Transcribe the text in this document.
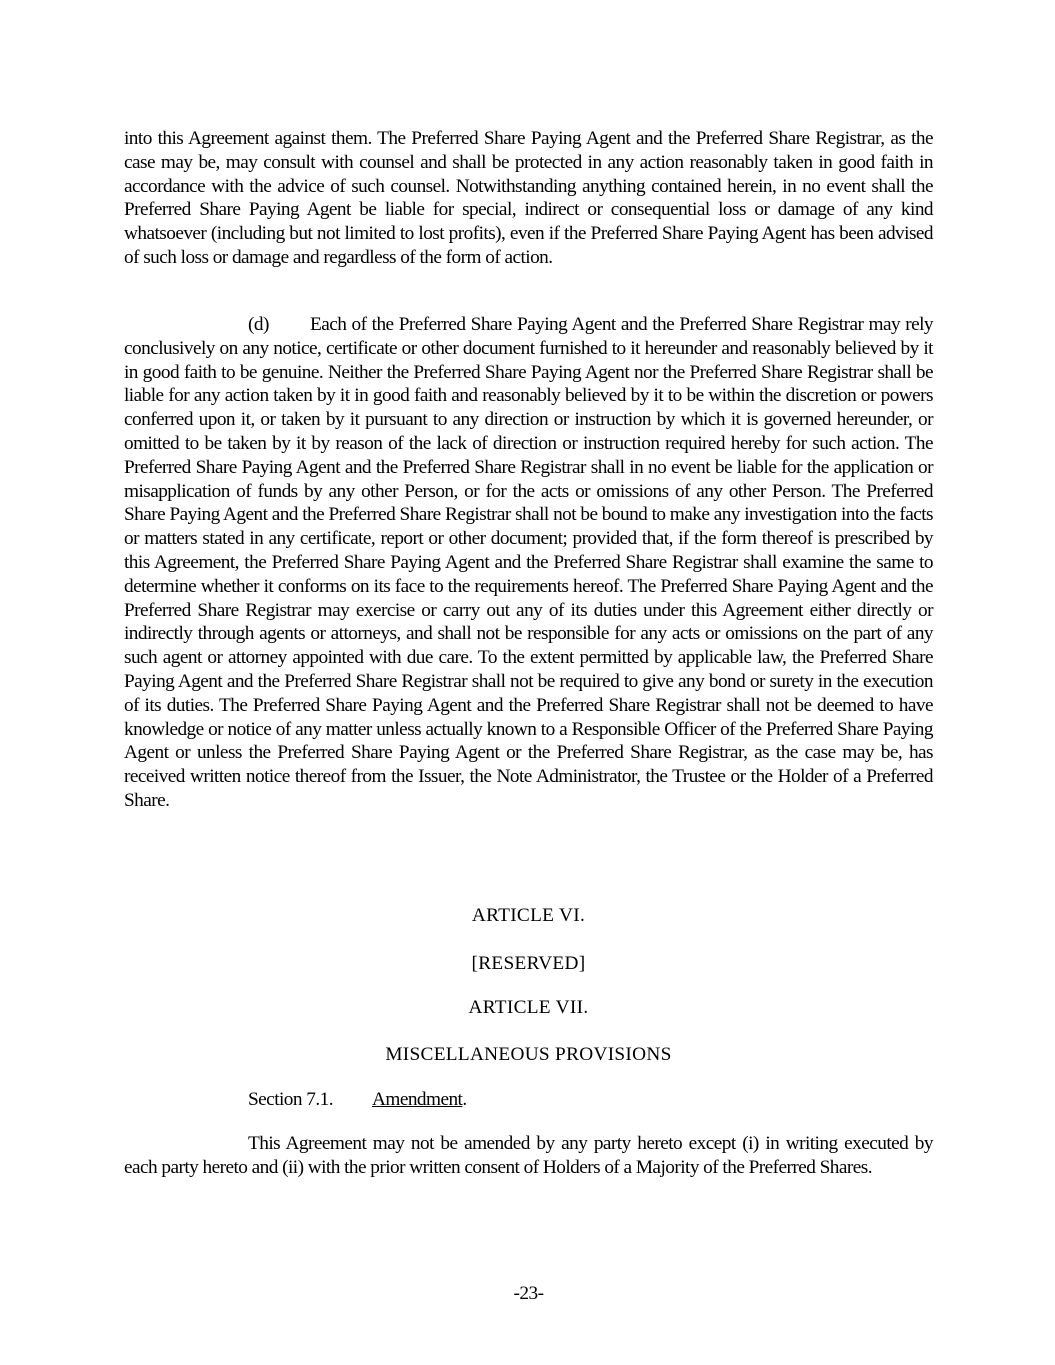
into this Agreement against them. The Preferred Share Paying Agent and the Preferred Share Registrar, as the case may be, may consult with counsel and shall be protected in any action reasonably taken in good faith in accordance with the advice of such counsel. Notwithstanding anything contained herein, in no event shall the Preferred Share Paying Agent be liable for special, indirect or consequential loss or damage of any kind whatsoever (including but not limited to lost profits), even if the Preferred Share Paying Agent has been advised of such loss or damage and regardless of the form of action.

(d) Each of the Preferred Share Paying Agent and the Preferred Share Registrar may rely conclusively on any notice, certificate or other document furnished to it hereunder and reasonably believed by it in good faith to be genuine. Neither the Preferred Share Paying Agent nor the Preferred Share Registrar shall be liable for any action taken by it in good faith and reasonably believed by it to be within the discretion or powers conferred upon it, or taken by it pursuant to any direction or instruction by which it is governed hereunder, or omitted to be taken by it by reason of the lack of direction or instruction required hereby for such action. The Preferred Share Paying Agent and the Preferred Share Registrar shall in no event be liable for the application or misapplication of funds by any other Person, or for the acts or omissions of any other Person. The Preferred Share Paying Agent and the Preferred Share Registrar shall not be bound to make any investigation into the facts or matters stated in any certificate, report or other document; provided that, if the form thereof is prescribed by this Agreement, the Preferred Share Paying Agent and the Preferred Share Registrar shall examine the same to determine whether it conforms on its face to the requirements hereof. The Preferred Share Paying Agent and the Preferred Share Registrar may exercise or carry out any of its duties under this Agreement either directly or indirectly through agents or attorneys, and shall not be responsible for any acts or omissions on the part of any such agent or attorney appointed with due care. To the extent permitted by applicable law, the Preferred Share Paying Agent and the Preferred Share Registrar shall not be required to give any bond or surety in the execution of its duties. The Preferred Share Paying Agent and the Preferred Share Registrar shall not be deemed to have knowledge or notice of any matter unless actually known to a Responsible Officer of the Preferred Share Paying Agent or unless the Preferred Share Paying Agent or the Preferred Share Registrar, as the case may be, has received written notice thereof from the Issuer, the Note Administrator, the Trustee or the Holder of a Preferred Share.

ARTICLE VI.

[RESERVED]

ARTICLE VII.

MISCELLANEOUS PROVISIONS

Section 7.1. Amendment.

This Agreement may not be amended by any party hereto except (i) in writing executed by each party hereto and (ii) with the prior written consent of Holders of a Majority of the Preferred Shares.

-23-
